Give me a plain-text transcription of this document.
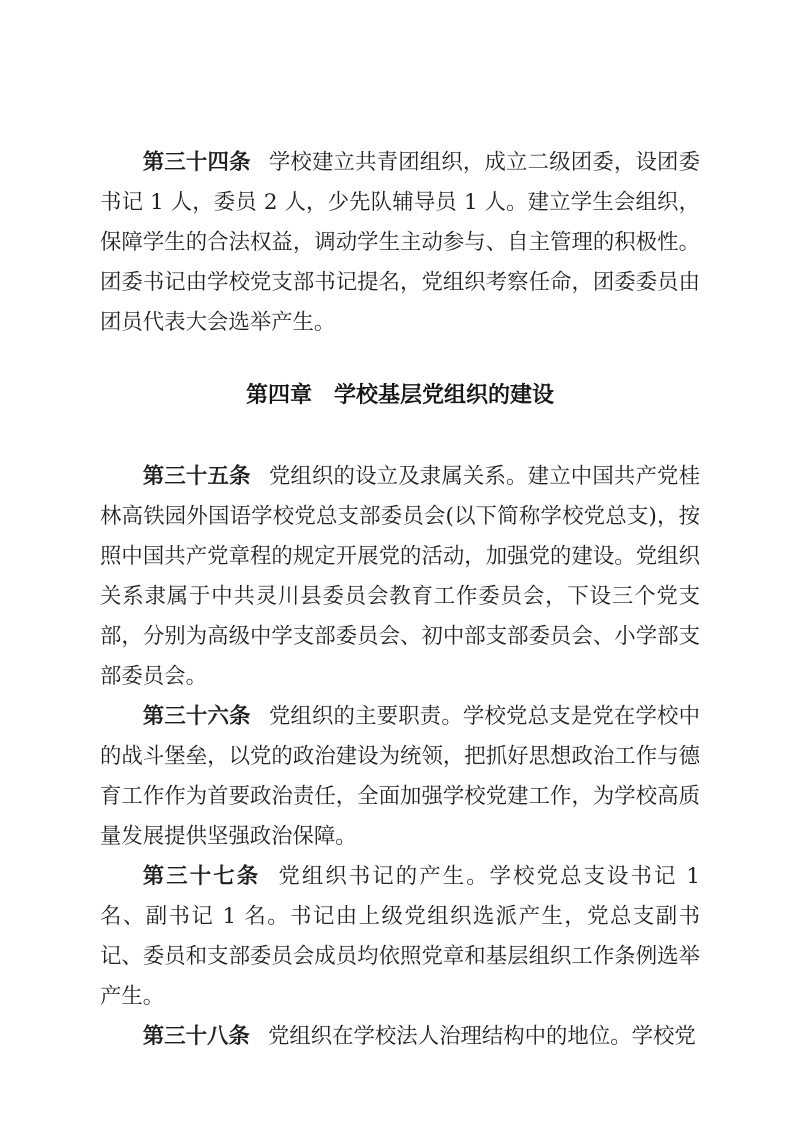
第三十四条 学校建立共青团组织，成立二级团委，设团委书记 1 人，委员 2 人，少先队辅导员 1 人。建立学生会组织，保障学生的合法权益，调动学生主动参与、自主管理的积极性。团委书记由学校党支部书记提名，党组织考察任命，团委委员由团员代表大会选举产生。

第四章　学校基层党组织的建设

第三十五条 党组织的设立及隶属关系。建立中国共产党桂林高铁园外国语学校党总支部委员会(以下简称学校党总支)，按照中国共产党章程的规定开展党的活动，加强党的建设。党组织关系隶属于中共灵川县委员会教育工作委员会，下设三个党支部，分别为高级中学支部委员会、初中部支部委员会、小学部支部委员会。

第三十六条 党组织的主要职责。学校党总支是党在学校中的战斗堡垒，以党的政治建设为统领，把抓好思想政治工作与德育工作作为首要政治责任，全面加强学校党建工作，为学校高质量发展提供坚强政治保障。

第三十七条 党组织书记的产生。学校党总支设书记 1 名、副书记 1 名。书记由上级党组织选派产生，党总支副书记、委员和支部委员会成员均依照党章和基层组织工作条例选举产生。

第三十八条 党组织在学校法人治理结构中的地位。学校党
